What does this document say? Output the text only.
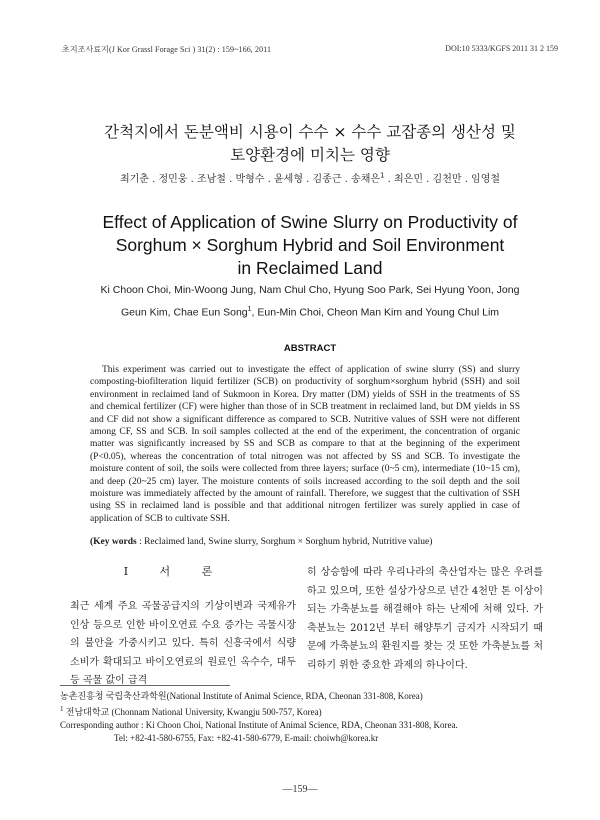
초지조사료지(J Kor Grassl Forage Sci ) 31(2) : 159~166, 2011	DOI:10 5333/KGFS 2011 31 2 159
간척지에서 돈분액비 시용이 수수 × 수수 교잡종의 생산성 및
토양환경에 미치는 영향
최기춘 . 정민웅 . 조남철 . 박형수 . 윤세형 . 김종근 . 송채은$^1$ . 최은민 . 김천만 . 임영철
Effect of Application of Swine Slurry on Productivity of
Sorghum × Sorghum Hybrid and Soil Environment
in Reclaimed Land
Ki Choon Choi, Min-Woong Jung, Nam Chul Cho, Hyung Soo Park, Sei Hyung Yoon, Jong
Geun Kim, Chae Eun Song$^1$, Eun-Min Choi, Cheon Man Kim and Young Chul Lim
ABSTRACT
This experiment was carried out to investigate the effect of application of swine slurry (SS) and slurry composting-biofilteration liquid fertilizer (SCB) on productivity of sorghum×sorghum hybrid (SSH) and soil environment in reclaimed land of Sukmoon in Korea. Dry matter (DM) yields of SSH in the treatments of SS and chemical fertilizer (CF) were higher than those of in SCB treatment in reclaimed land, but DM yields in SS and CF did not show a significant difference as compared to SCB. Nutritive values of SSH were not different among CF, SS and SCB. In soil samples collected at the end of the experiment, the concentration of organic matter was significantly increased by SS and SCB as compare to that at the beginning of the experiment (P<0.05), whereas the concentration of total nitrogen was not affected by SS and SCB. To investigate the moisture content of soil, the soils were collected from three layers; surface (0~5 cm), intermediate (10~15 cm), and deep (20~25 cm) layer. The moisture contents of soils increased according to the soil depth and the soil moisture was immediately affected by the amount of rainfall. Therefore, we suggest that the cultivation of SSH using SS in reclaimed land is possible and that additional nitrogen fertilizer was surely applied in case of application of SCB to cultivate SSH.
(Key words : Reclaimed land, Swine slurry, Sorghum × Sorghum hybrid, Nutritive value)
I 서 론

최근 세계 주요 곡물공급지의 기상이변과 국제유가 인상 등으로 인한 바이오연료 수요 증가는 곡물시장의 불안을 가중시키고 있다. 특히 신흥국에서 식량 소비가 확대되고 바이오연료의 원료인 옥수수, 대두 등 곡물 값이 급격

히 상승함에 따라 우리나라의 축산업자는 많은 우려를 하고 있으며, 또한 설상가상으로 년간 4천만 톤 이상이 되는 가축분뇨를 해결해야 하는 난제에 처해 있다. 가축분뇨는 2012년 부터 해양투기 금지가 시작되기 때문에 가축분뇨의 환원지를 찾는 것 또한 가축분뇨를 처리하기 위한 중요한 과제의 하나이다.

농촌진흥청 국립축산과학원(National Institute of Animal Science, RDA, Cheonan 331-808, Korea)
$^1$ 전남대학교 (Chonnam National University, Kwangju 500-757, Korea)
Corresponding author : Ki Choon Choi, National Institute of Animal Science, RDA, Cheonan 331-808, Korea.
Tel: +82-41-580-6755, Fax: +82-41-580-6779, E-mail: choiwh@korea.kr
—159—
